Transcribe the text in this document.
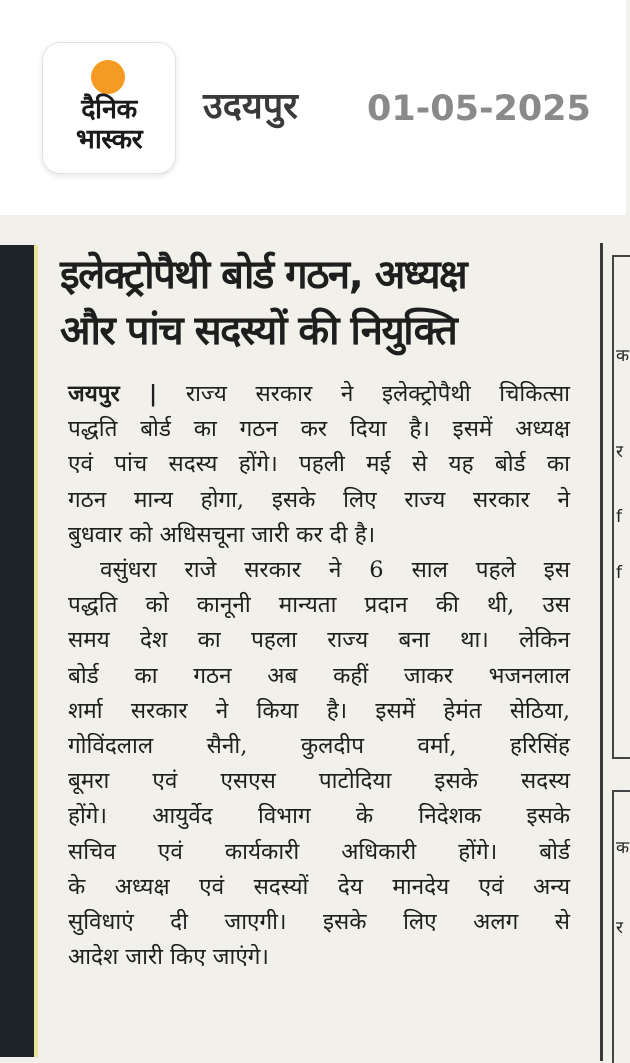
दैनिक
भास्कर
उदयपुर 01-05-2025
क
र
f
f
क
र
इलेक्ट्रोपैथी बोर्ड गठन, अध्यक्ष
और पांच सदस्यों की नियुक्ति
जयपुर | राज्य सरकार ने इलेक्ट्रोपैथी चिकित्सा
पद्धति बोर्ड का गठन कर दिया है। इसमें अध्यक्ष
एवं पांच सदस्य होंगे। पहली मई से यह बोर्ड का
गठन मान्य होगा, इसके लिए राज्य सरकार ने
बुधवार को अधिसचूना जारी कर दी है।
वसुंधरा राजे सरकार ने 6 साल पहले इस
पद्धति को कानूनी मान्यता प्रदान की थी, उस
समय देश का पहला राज्य बना था। लेकिन
बोर्ड का गठन अब कहीं जाकर भजनलाल
शर्मा सरकार ने किया है। इसमें हेमंत सेठिया,
गोविंदलाल सैनी, कुलदीप वर्मा, हरिसिंह
बूमरा एवं एसएस पाटोदिया इसके सदस्य
होंगे। आयुर्वेद विभाग के निदेशक इसके
सचिव एवं कार्यकारी अधिकारी होंगे। बोर्ड
के अध्यक्ष एवं सदस्यों देय मानदेय एवं अन्य
सुविधाएं दी जाएगी। इसके लिए अलग से
आदेश जारी किए जाएंगे।
